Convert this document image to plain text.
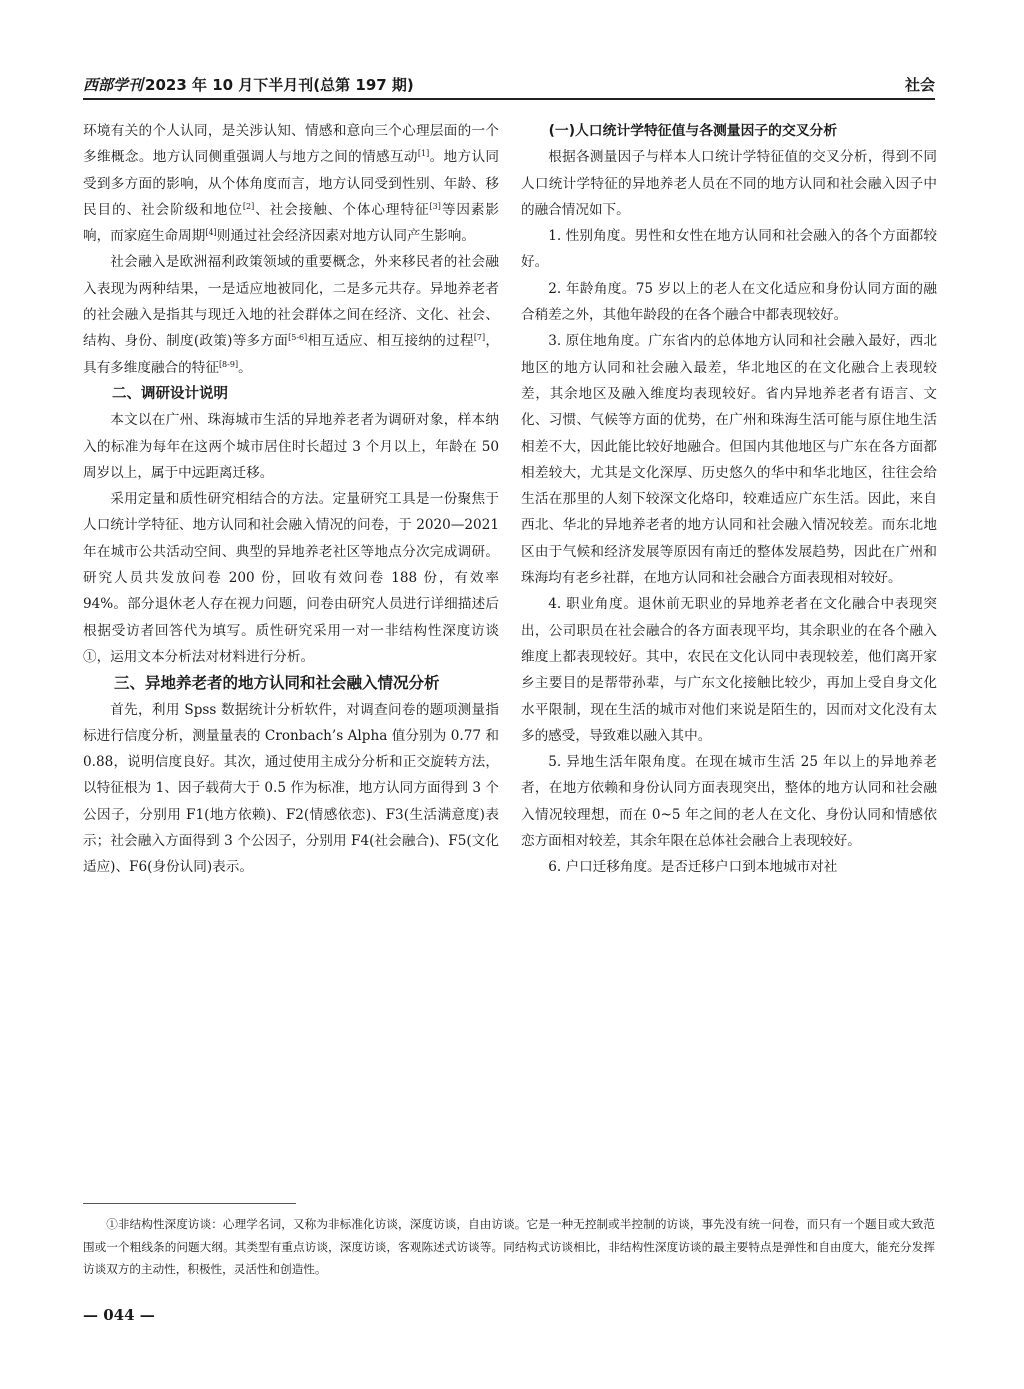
西部学刊 2023 年 10 月下半月刊(总第 197 期)	社会

环境有关的个人认同，是关涉认知、情感和意向三个心理层面的一个多维概念。地方认同侧重强调人与地方之间的情感互动[1]。地方认同受到多方面的影响，从个体角度而言，地方认同受到性别、年龄、移民目的、社会阶级和地位[2]、社会接触、个体心理特征[3]等因素影响，而家庭生命周期[4]则通过社会经济因素对地方认同产生影响。

社会融入是欧洲福利政策领域的重要概念，外来移民者的社会融入表现为两种结果，一是适应地被同化，二是多元共存。异地养老者的社会融入是指其与现迁入地的社会群体之间在经济、文化、社会、结构、身份、制度(政策)等多方面[5-6]相互适应、相互接纳的过程[7]，具有多维度融合的特征[8-9]。

二、调研设计说明

本文以在广州、珠海城市生活的异地养老者为调研对象，样本纳入的标准为每年在这两个城市居住时长超过 3 个月以上，年龄在 50 周岁以上，属于中远距离迁移。

采用定量和质性研究相结合的方法。定量研究工具是一份聚焦于人口统计学特征、地方认同和社会融入情况的问卷，于 2020—2021 年在城市公共活动空间、典型的异地养老社区等地点分次完成调研。研究人员共发放问卷 200 份，回收有效问卷 188 份，有效率 94%。部分退休老人存在视力问题，问卷由研究人员进行详细描述后根据受访者回答代为填写。质性研究采用一对一非结构性深度访谈①，运用文本分析法对材料进行分析。

三、异地养老者的地方认同和社会融入情况分析

首先，利用 Spss 数据统计分析软件，对调查问卷的题项测量指标进行信度分析，测量量表的 Cronbach’s Alpha 值分别为 0.77 和 0.88，说明信度良好。其次，通过使用主成分分析和正交旋转方法，以特征根为 1、因子载荷大于 0.5 作为标准，地方认同方面得到 3 个公因子，分别用 F1(地方依赖)、F2(情感依恋)、F3(生活满意度)表示；社会融入方面得到 3 个公因子，分别用 F4(社会融合)、F5(文化适应)、F6(身份认同)表示。

(一)人口统计学特征值与各测量因子的交叉分析

根据各测量因子与样本人口统计学特征值的交叉分析，得到不同人口统计学特征的异地养老人员在不同的地方认同和社会融入因子中的融合情况如下。

1. 性别角度。男性和女性在地方认同和社会融入的各个方面都较好。

2. 年龄角度。75 岁以上的老人在文化适应和身份认同方面的融合稍差之外，其他年龄段的在各个融合中都表现较好。

3. 原住地角度。广东省内的总体地方认同和社会融入最好，西北地区的地方认同和社会融入最差，华北地区的在文化融合上表现较差，其余地区及融入维度均表现较好。省内异地养老者有语言、文化、习惯、气候等方面的优势，在广州和珠海生活可能与原住地生活相差不大，因此能比较好地融合。但国内其他地区与广东在各方面都相差较大，尤其是文化深厚、历史悠久的华中和华北地区，往往会给生活在那里的人刻下较深文化烙印，较难适应广东生活。因此，来自西北、华北的异地养老者的地方认同和社会融入情况较差。而东北地区由于气候和经济发展等原因有南迁的整体发展趋势，因此在广州和珠海均有老乡社群，在地方认同和社会融合方面表现相对较好。

4. 职业角度。退休前无职业的异地养老者在文化融合中表现突出，公司职员在社会融合的各方面表现平均，其余职业的在各个融入维度上都表现较好。其中，农民在文化认同中表现较差，他们离开家乡主要目的是帮带孙辈，与广东文化接触比较少，再加上受自身文化水平限制，现在生活的城市对他们来说是陌生的，因而对文化没有太多的感受，导致难以融入其中。

5. 异地生活年限角度。在现在城市生活 25 年以上的异地养老者，在地方依赖和身份认同方面表现突出，整体的地方认同和社会融入情况较理想，而在 0~5 年之间的老人在文化、身份认同和情感依恋方面相对较差，其余年限在总体社会融合上表现较好。

6. 户口迁移角度。是否迁移户口到本地城市对社

①非结构性深度访谈：心理学名词，又称为非标准化访谈，深度访谈，自由访谈。它是一种无控制或半控制的访谈，事先没有统一问卷，而只有一个题目或大致范围或一个粗线条的问题大纲。其类型有重点访谈，深度访谈，客观陈述式访谈等。同结构式访谈相比，非结构性深度访谈的最主要特点是弹性和自由度大，能充分发挥访谈双方的主动性，积极性，灵活性和创造性。

— 044 —
